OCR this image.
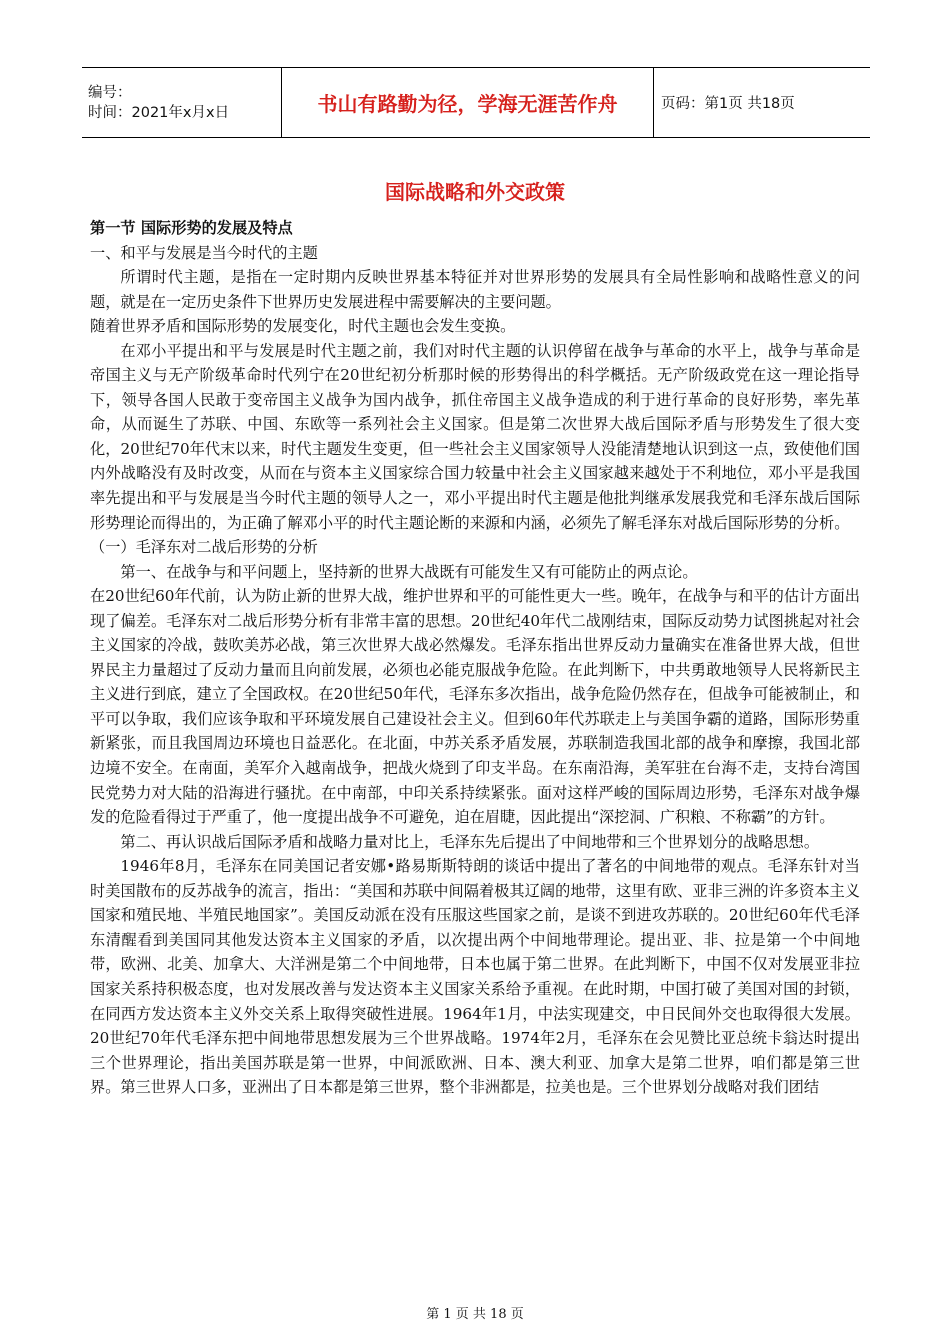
编号：
时间：2021年x月x日	书山有路勤为径，学海无涯苦作舟	页码：第1页 共18页
国际战略和外交政策

第一节 国际形势的发展及特点

一、和平与发展是当今时代的主题

所谓时代主题，是指在一定时期内反映世界基本特征并对世界形势的发展具有全局性影响和战略性意义的问题，就是在一定历史条件下世界历史发展进程中需要解决的主要问题。

随着世界矛盾和国际形势的发展变化，时代主题也会发生变换。

在邓小平提出和平与发展是时代主题之前，我们对时代主题的认识停留在战争与革命的水平上，战争与革命是帝国主义与无产阶级革命时代列宁在20世纪初分析那时候的形势得出的科学概括。无产阶级政党在这一理论指导下，领导各国人民敢于变帝国主义战争为国内战争，抓住帝国主义战争造成的利于进行革命的良好形势，率先革命，从而诞生了苏联、中国、东欧等一系列社会主义国家。但是第二次世界大战后国际矛盾与形势发生了很大变化，20世纪70年代末以来，时代主题发生变更，但一些社会主义国家领导人没能清楚地认识到这一点，致使他们国内外战略没有及时改变，从而在与资本主义国家综合国力较量中社会主义国家越来越处于不利地位，邓小平是我国率先提出和平与发展是当今时代主题的领导人之一，邓小平提出时代主题是他批判继承发展我党和毛泽东战后国际形势理论而得出的，为正确了解邓小平的时代主题论断的来源和内涵，必须先了解毛泽东对战后国际形势的分析。

（一）毛泽东对二战后形势的分析

第一、在战争与和平问题上，坚持新的世界大战既有可能发生又有可能防止的两点论。

在20世纪60年代前，认为防止新的世界大战，维护世界和平的可能性更大一些。晚年，在战争与和平的估计方面出现了偏差。毛泽东对二战后形势分析有非常丰富的思想。20世纪40年代二战刚结束，国际反动势力试图挑起对社会主义国家的冷战，鼓吹美苏必战，第三次世界大战必然爆发。毛泽东指出世界反动力量确实在准备世界大战，但世界民主力量超过了反动力量而且向前发展，必须也必能克服战争危险。在此判断下，中共勇敢地领导人民将新民主主义进行到底，建立了全国政权。在20世纪50年代，毛泽东多次指出，战争危险仍然存在，但战争可能被制止，和平可以争取，我们应该争取和平环境发展自己建设社会主义。但到60年代苏联走上与美国争霸的道路，国际形势重新紧张，而且我国周边环境也日益恶化。在北面，中苏关系矛盾发展，苏联制造我国北部的战争和摩擦，我国北部边境不安全。在南面，美军介入越南战争，把战火烧到了印支半岛。在东南沿海，美军驻在台海不走，支持台湾国民党势力对大陆的沿海进行骚扰。在中南部，中印关系持续紧张。面对这样严峻的国际周边形势，毛泽东对战争爆发的危险看得过于严重了，他一度提出战争不可避免，迫在眉睫，因此提出“深挖洞、广积粮、不称霸”的方针。

第二、再认识战后国际矛盾和战略力量对比上，毛泽东先后提出了中间地带和三个世界划分的战略思想。

1946年8月，毛泽东在同美国记者安娜•路易斯斯特朗的谈话中提出了著名的中间地带的观点。毛泽东针对当时美国散布的反苏战争的流言，指出：“美国和苏联中间隔着极其辽阔的地带，这里有欧、亚非三洲的许多资本主义国家和殖民地、半殖民地国家”。美国反动派在没有压服这些国家之前，是谈不到进攻苏联的。20世纪60年代毛泽东清醒看到美国同其他发达资本主义国家的矛盾，以次提出两个中间地带理论。提出亚、非、拉是第一个中间地带，欧洲、北美、加拿大、大洋洲是第二个中间地带，日本也属于第二世界。在此判断下，中国不仅对发展亚非拉国家关系持积极态度，也对发展改善与发达资本主义国家关系给予重视。在此时期，中国打破了美国对国的封锁，在同西方发达资本主义外交关系上取得突破性进展。1964年1月，中法实现建交，中日民间外交也取得很大发展。20世纪70年代毛泽东把中间地带思想发展为三个世界战略。1974年2月，毛泽东在会见赞比亚总统卡翁达时提出三个世界理论，指出美国苏联是第一世界，中间派欧洲、日本、澳大利亚、加拿大是第二世界，咱们都是第三世界。第三世界人口多，亚洲出了日本都是第三世界，整个非洲都是，拉美也是。三个世界划分战略对我们团结

第 1 页 共 18 页
